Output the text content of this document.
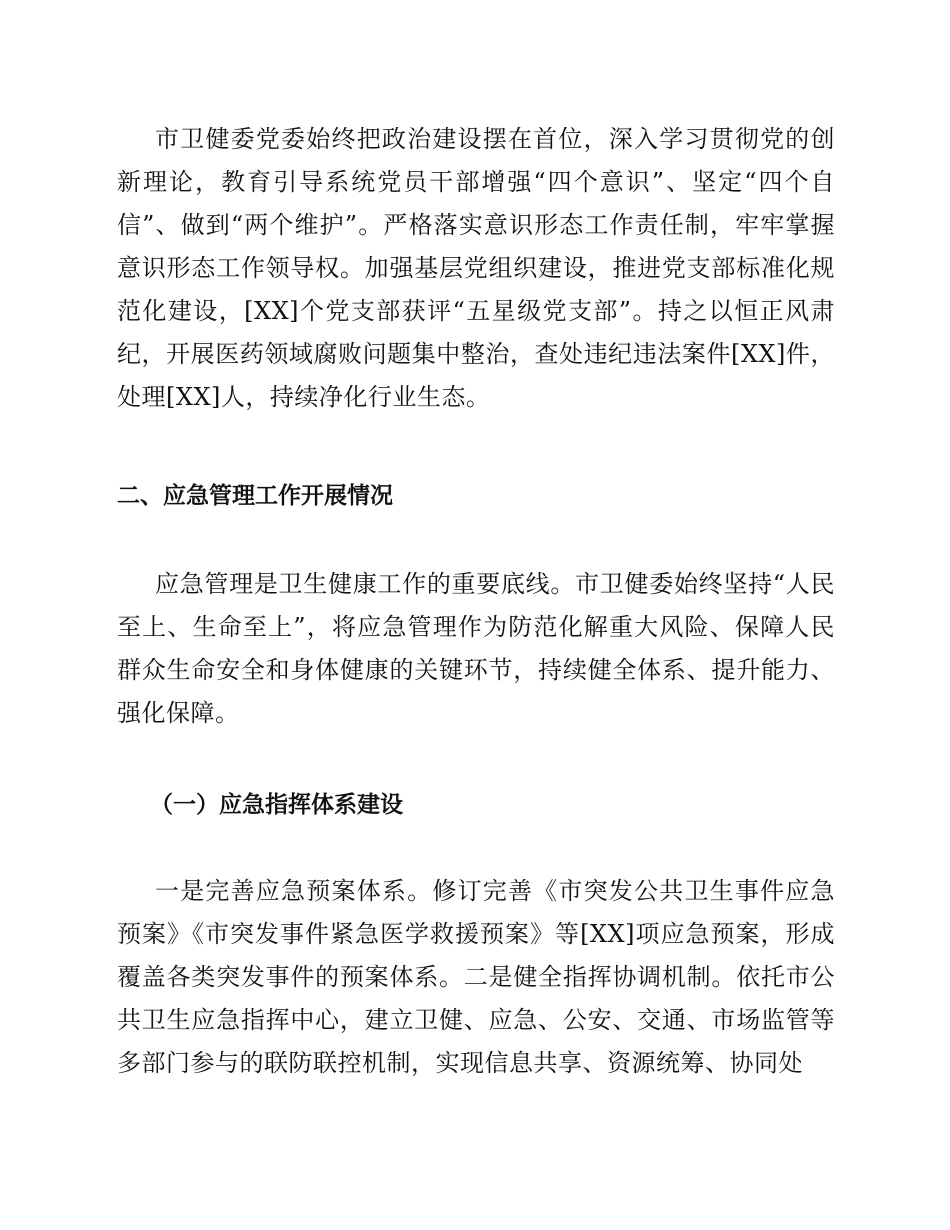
市卫健委党委始终把政治建设摆在首位，深入学习贯彻党的创新理论，教育引导系统党员干部增强“四个意识”、坚定“四个自信”、做到“两个维护”。严格落实意识形态工作责任制，牢牢掌握意识形态工作领导权。加强基层党组织建设，推进党支部标准化规范化建设，[XX]个党支部获评“五星级党支部”。持之以恒正风肃纪，开展医药领域腐败问题集中整治，查处违纪违法案件[XX]件，处理[XX]人，持续净化行业生态。

二、应急管理工作开展情况

应急管理是卫生健康工作的重要底线。市卫健委始终坚持“人民至上、生命至上”，将应急管理作为防范化解重大风险、保障人民群众生命安全和身体健康的关键环节，持续健全体系、提升能力、强化保障。

（一）应急指挥体系建设

一是完善应急预案体系。修订完善《市突发公共卫生事件应急预案》《市突发事件紧急医学救援预案》等[XX]项应急预案，形成覆盖各类突发事件的预案体系。二是健全指挥协调机制。依托市公共卫生应急指挥中心，建立卫健、应急、公安、交通、市场监管等多部门参与的联防联控机制，实现信息共享、资源统筹、协同处
